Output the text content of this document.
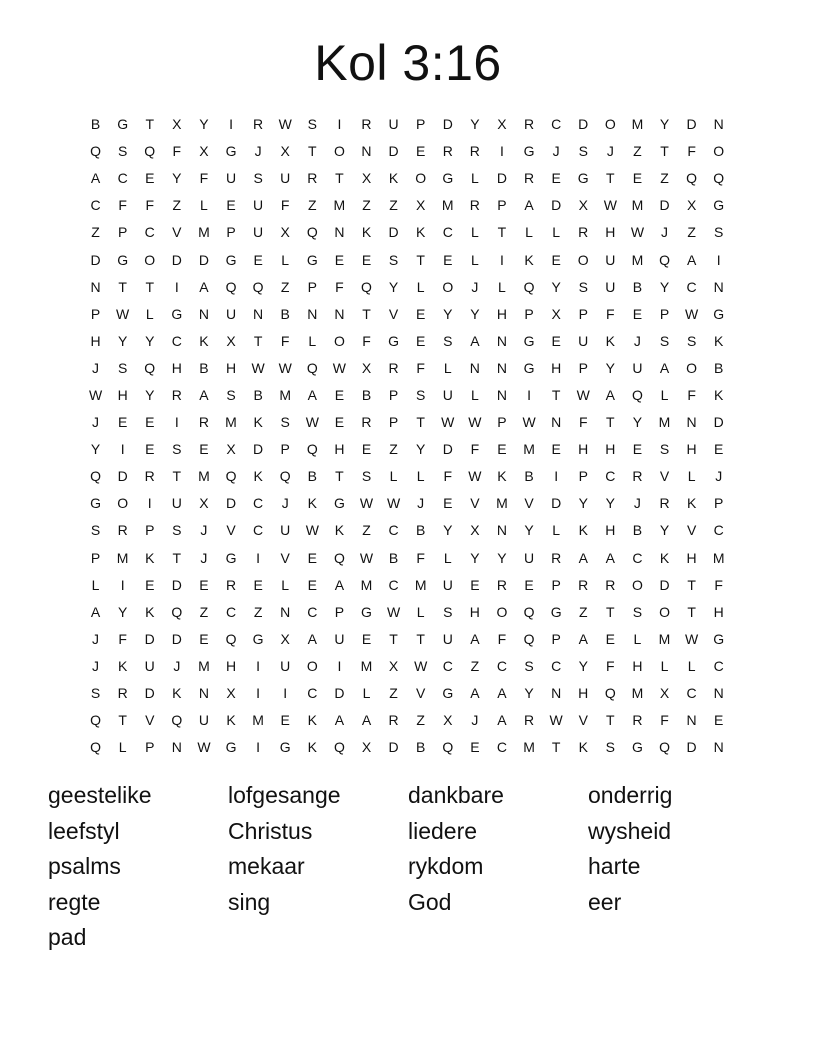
Kol 3:16
B	G	T	X	Y	I	R	W	S	I	R	U	P	D	Y	X	R	C	D	O	M	Y	D	N
Q	S	Q	F	X	G	J	X	T	O	N	D	E	R	R	I	G	J	S	J	Z	T	F	O
A	C	E	Y	F	U	S	U	R	T	X	K	O	G	L	D	R	E	G	T	E	Z	Q	Q
C	F	F	Z	L	E	U	F	Z	M	Z	Z	X	M	R	P	A	D	X	W	M	D	X	G
Z	P	C	V	M	P	U	X	Q	N	K	D	K	C	L	T	L	L	R	H	W	J	Z	S
D	G	O	D	D	G	E	L	G	E	E	S	T	E	L	I	K	E	O	U	M	Q	A	I
N	T	T	I	A	Q	Q	Z	P	F	Q	Y	L	O	J	L	Q	Y	S	U	B	Y	C	N
P	W	L	G	N	U	N	B	N	N	T	V	E	Y	Y	H	P	X	P	F	E	P	W	G
H	Y	Y	C	K	X	T	F	L	O	F	G	E	S	A	N	G	E	U	K	J	S	S	K
J	S	Q	H	B	H	W W	Q	W	X	R	F	L	N	N	G	H	P	Y	U	A	O	B
W	H	Y	R	A	S	B	M	A	E	B	P	S	U	L	N	I	T	W	A	Q	L	F	K
J	E	E	I	R	M	K	S	W	E	R	P	T	W W	P	W	N	F	T	Y	M	N	D
Y	I	E	S	E	X	D	P	Q	H	E	Z	Y	D	F	E	M	E	H	H	E	S	H	E
Q	D	R	T	M	Q	K	Q	B	T	S	L	L	F	W	K	B	I	P	C	R	V	L	J
G	O	I	U	X	D	C	J	K	G	W W	J	E	V	M	V	D	Y	Y	J	R	K	P
S	R	P	S	J	V	C	U	W	K	Z	C	B	Y	X	N	Y	L	K	H	B	Y	V	C
P	M	K	T	J	G	I	V	E	Q	W	B	F	L	Y	Y	U	R	A	A	C	K	H	M
L	I	E	D	E	R	E	L	E	A	M	C	M	U	E	R	E	P	R	R	O	D	T	F
A	Y	K	Q	Z	C	Z	N	C	P	G	W	L	S	H	O	Q	G	Z	T	S	O	T	H
J	F	D	D	E	Q	G	X	A	U	E	T	T	U	A	F	Q	P	A	E	L	M	W	G
J	K	U	J	M	H	I	U	O	I	M	X	W	C	Z	C	S	C	Y	F	H	L	L	C
S	R	D	K	N	X	I	I	C	D	L	Z	V	G	A	A	Y	N	H	Q	M	X	C	N
Q	T	V	Q	U	K	M	E	K	A	A	R	Z	X	J	A	R	W	V	T	R	F	N	E
Q	L	P	N	W	G	I	G	K	Q	X	D	B	Q	E	C	M	T	K	S	G	Q	D	N
geestelike	lofgesange	dankbare	onderrig
leefstyl	Christus	liedere	wysheid
psalms	mekaar	rykdom	harte
regte	sing	God	eer
pad
